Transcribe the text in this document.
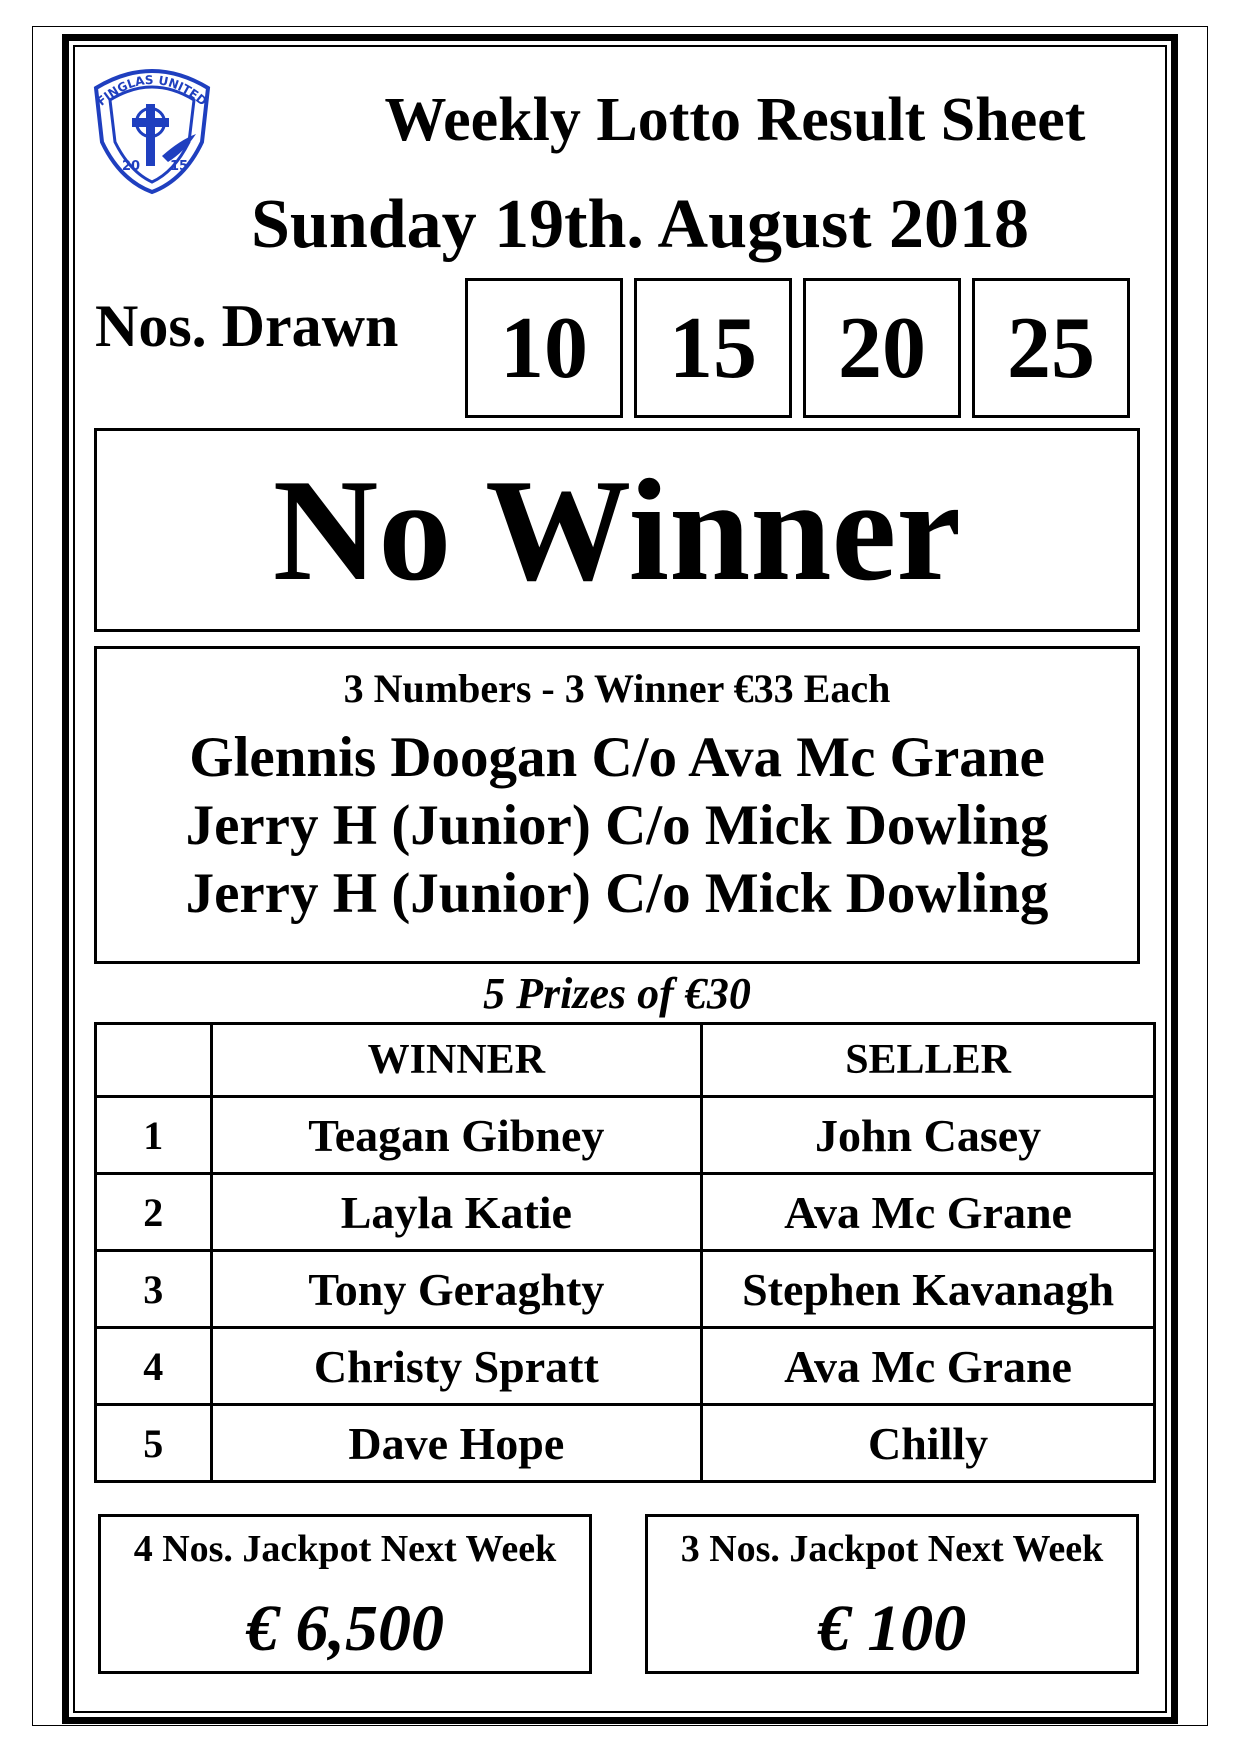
FINGLAS UNITED
20 15
Weekly Lotto Result Sheet
Sunday 19th. August 2018
Nos. Drawn	10 15 20 25
No Winner
3 Numbers - 3 Winner €33 Each
Glennis Doogan C/o Ava Mc Grane
Jerry H (Junior) C/o Mick Dowling
Jerry H (Junior) C/o Mick Dowling
5 Prizes of €30
	WINNER	SELLER
1	Teagan Gibney	John Casey
2	Layla Katie	Ava Mc Grane
3	Tony Geraghty	Stephen Kavanagh
4	Christy Spratt	Ava Mc Grane
5	Dave Hope	Chilly
4 Nos. Jackpot Next Week
€ 6,500
3 Nos. Jackpot Next Week
€ 100
